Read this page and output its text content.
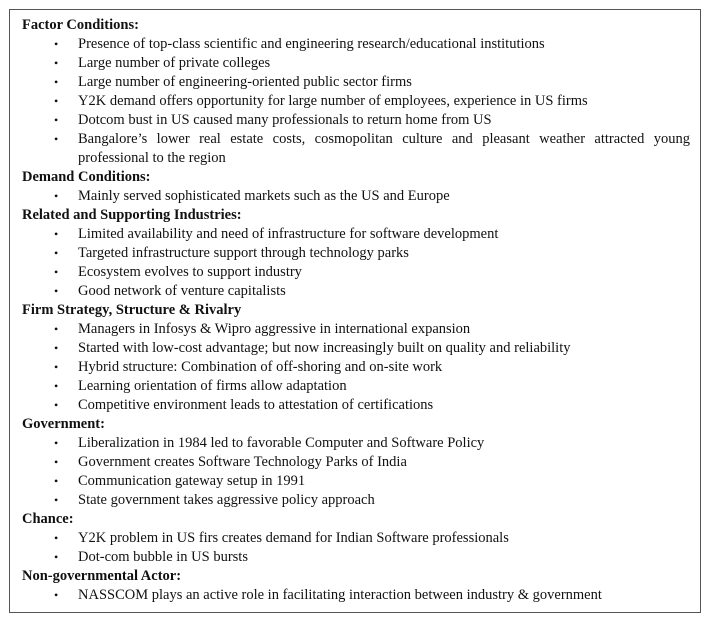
Factor Conditions:
•	Presence of top-class scientific and engineering research/educational institutions
•	Large number of private colleges
•	Large number of engineering-oriented public sector firms
•	Y2K demand offers opportunity for large number of employees, experience in US firms
•	Dotcom bust in US caused many professionals to return home from US
•	Bangalore’s lower real estate costs, cosmopolitan culture and pleasant weather attracted young professional to the region
Demand Conditions:
•	Mainly served sophisticated markets such as the US and Europe
Related and Supporting Industries:
•	Limited availability and need of infrastructure for software development
•	Targeted infrastructure support through technology parks
•	Ecosystem evolves to support industry
•	Good network of venture capitalists
Firm Strategy, Structure & Rivalry
•	Managers in Infosys & Wipro aggressive in international expansion
•	Started with low-cost advantage; but now increasingly built on quality and reliability
•	Hybrid structure: Combination of off-shoring and on-site work
•	Learning orientation of firms allow adaptation
•	Competitive environment leads to attestation of certifications
Government:
•	Liberalization in 1984 led to favorable Computer and Software Policy
•	Government creates Software Technology Parks of India
•	Communication gateway setup in 1991
•	State government takes aggressive policy approach
Chance:
•	Y2K problem in US firs creates demand for Indian Software professionals
•	Dot-com bubble in US bursts
Non-governmental Actor:
•	NASSCOM plays an active role in facilitating interaction between industry & government
